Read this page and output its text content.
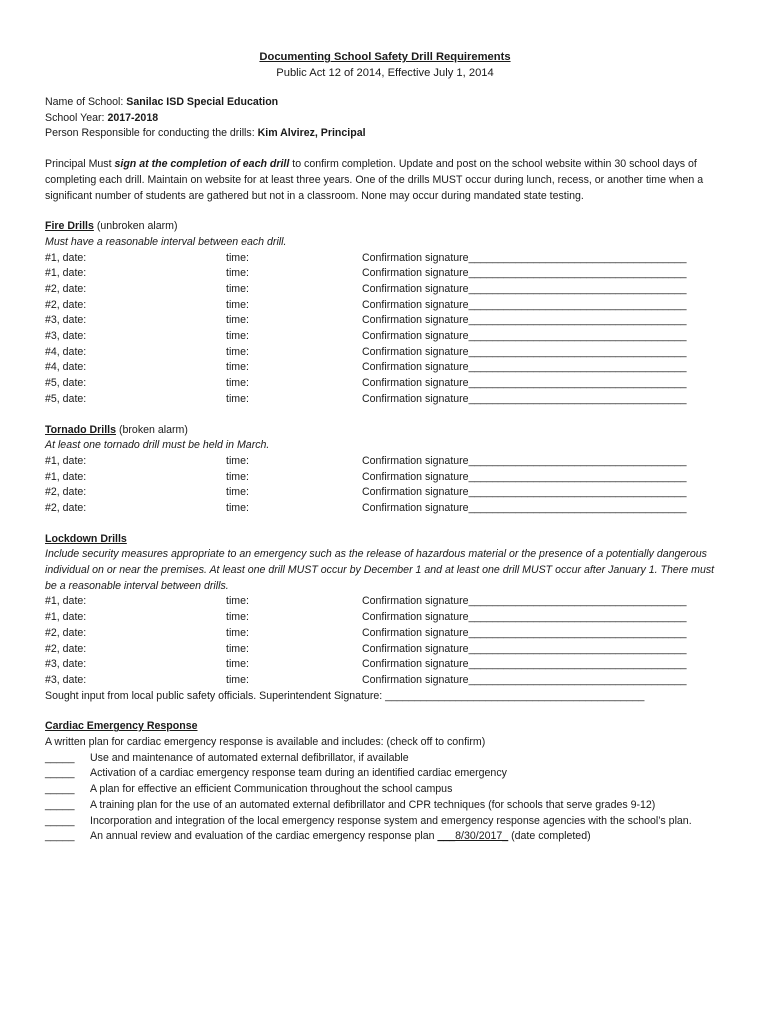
Documenting School Safety Drill Requirements
Public Act 12 of 2014, Effective July 1, 2014
Name of School: Sanilac ISD Special Education
School Year: 2017-2018
Person Responsible for conducting the drills: Kim Alvirez, Principal
Principal Must sign at the completion of each drill to confirm completion. Update and post on the school website within 30 school days of completing each drill. Maintain on website for at least three years. One of the drills MUST occur during lunch, recess, or another time when a significant number of students are gathered but not in a classroom. None may occur during mandated state testing.
Fire Drills (unbroken alarm)
Must have a reasonable interval between each drill.
#1, date:	time:	Confirmation signature_____________________________________
#1, date:	time:	Confirmation signature_____________________________________
#2, date:	time:	Confirmation signature_____________________________________
#2, date:	time:	Confirmation signature_____________________________________
#3, date:	time:	Confirmation signature_____________________________________
#3, date:	time:	Confirmation signature_____________________________________
#4, date:	time:	Confirmation signature_____________________________________
#4, date:	time:	Confirmation signature_____________________________________
#5, date:	time:	Confirmation signature_____________________________________
#5, date:	time:	Confirmation signature_____________________________________
Tornado Drills (broken alarm)
At least one tornado drill must be held in March.
#1, date:	time:	Confirmation signature_____________________________________
#1, date:	time:	Confirmation signature_____________________________________
#2, date:	time:	Confirmation signature_____________________________________
#2, date:	time:	Confirmation signature_____________________________________
Lockdown Drills
Include security measures appropriate to an emergency such as the release of hazardous material or the presence of a potentially dangerous individual on or near the premises. At least one drill MUST occur by December 1 and at least one drill MUST occur after January 1. There must be a reasonable interval between drills.
#1, date:	time:	Confirmation signature_____________________________________
#1, date:	time:	Confirmation signature_____________________________________
#2, date:	time:	Confirmation signature_____________________________________
#2, date:	time:	Confirmation signature_____________________________________
#3, date:	time:	Confirmation signature_____________________________________
#3, date:	time:	Confirmation signature_____________________________________
Sought input from local public safety officials. Superintendent Signature: ____________________________________________
Cardiac Emergency Response
A written plan for cardiac emergency response is available and includes: (check off to confirm)
_____ Use and maintenance of automated external defibrillator, if available
_____ Activation of a cardiac emergency response team during an identified cardiac emergency
_____ A plan for effective an efficient Communication throughout the school campus
_____ A training plan for the use of an automated external defibrillator and CPR techniques (for schools that serve grades 9-12)
_____ Incorporation and integration of the local emergency response system and emergency response agencies with the school’s plan.
_____ An annual review and evaluation of the cardiac emergency response plan ___8/30/2017_ (date completed)
